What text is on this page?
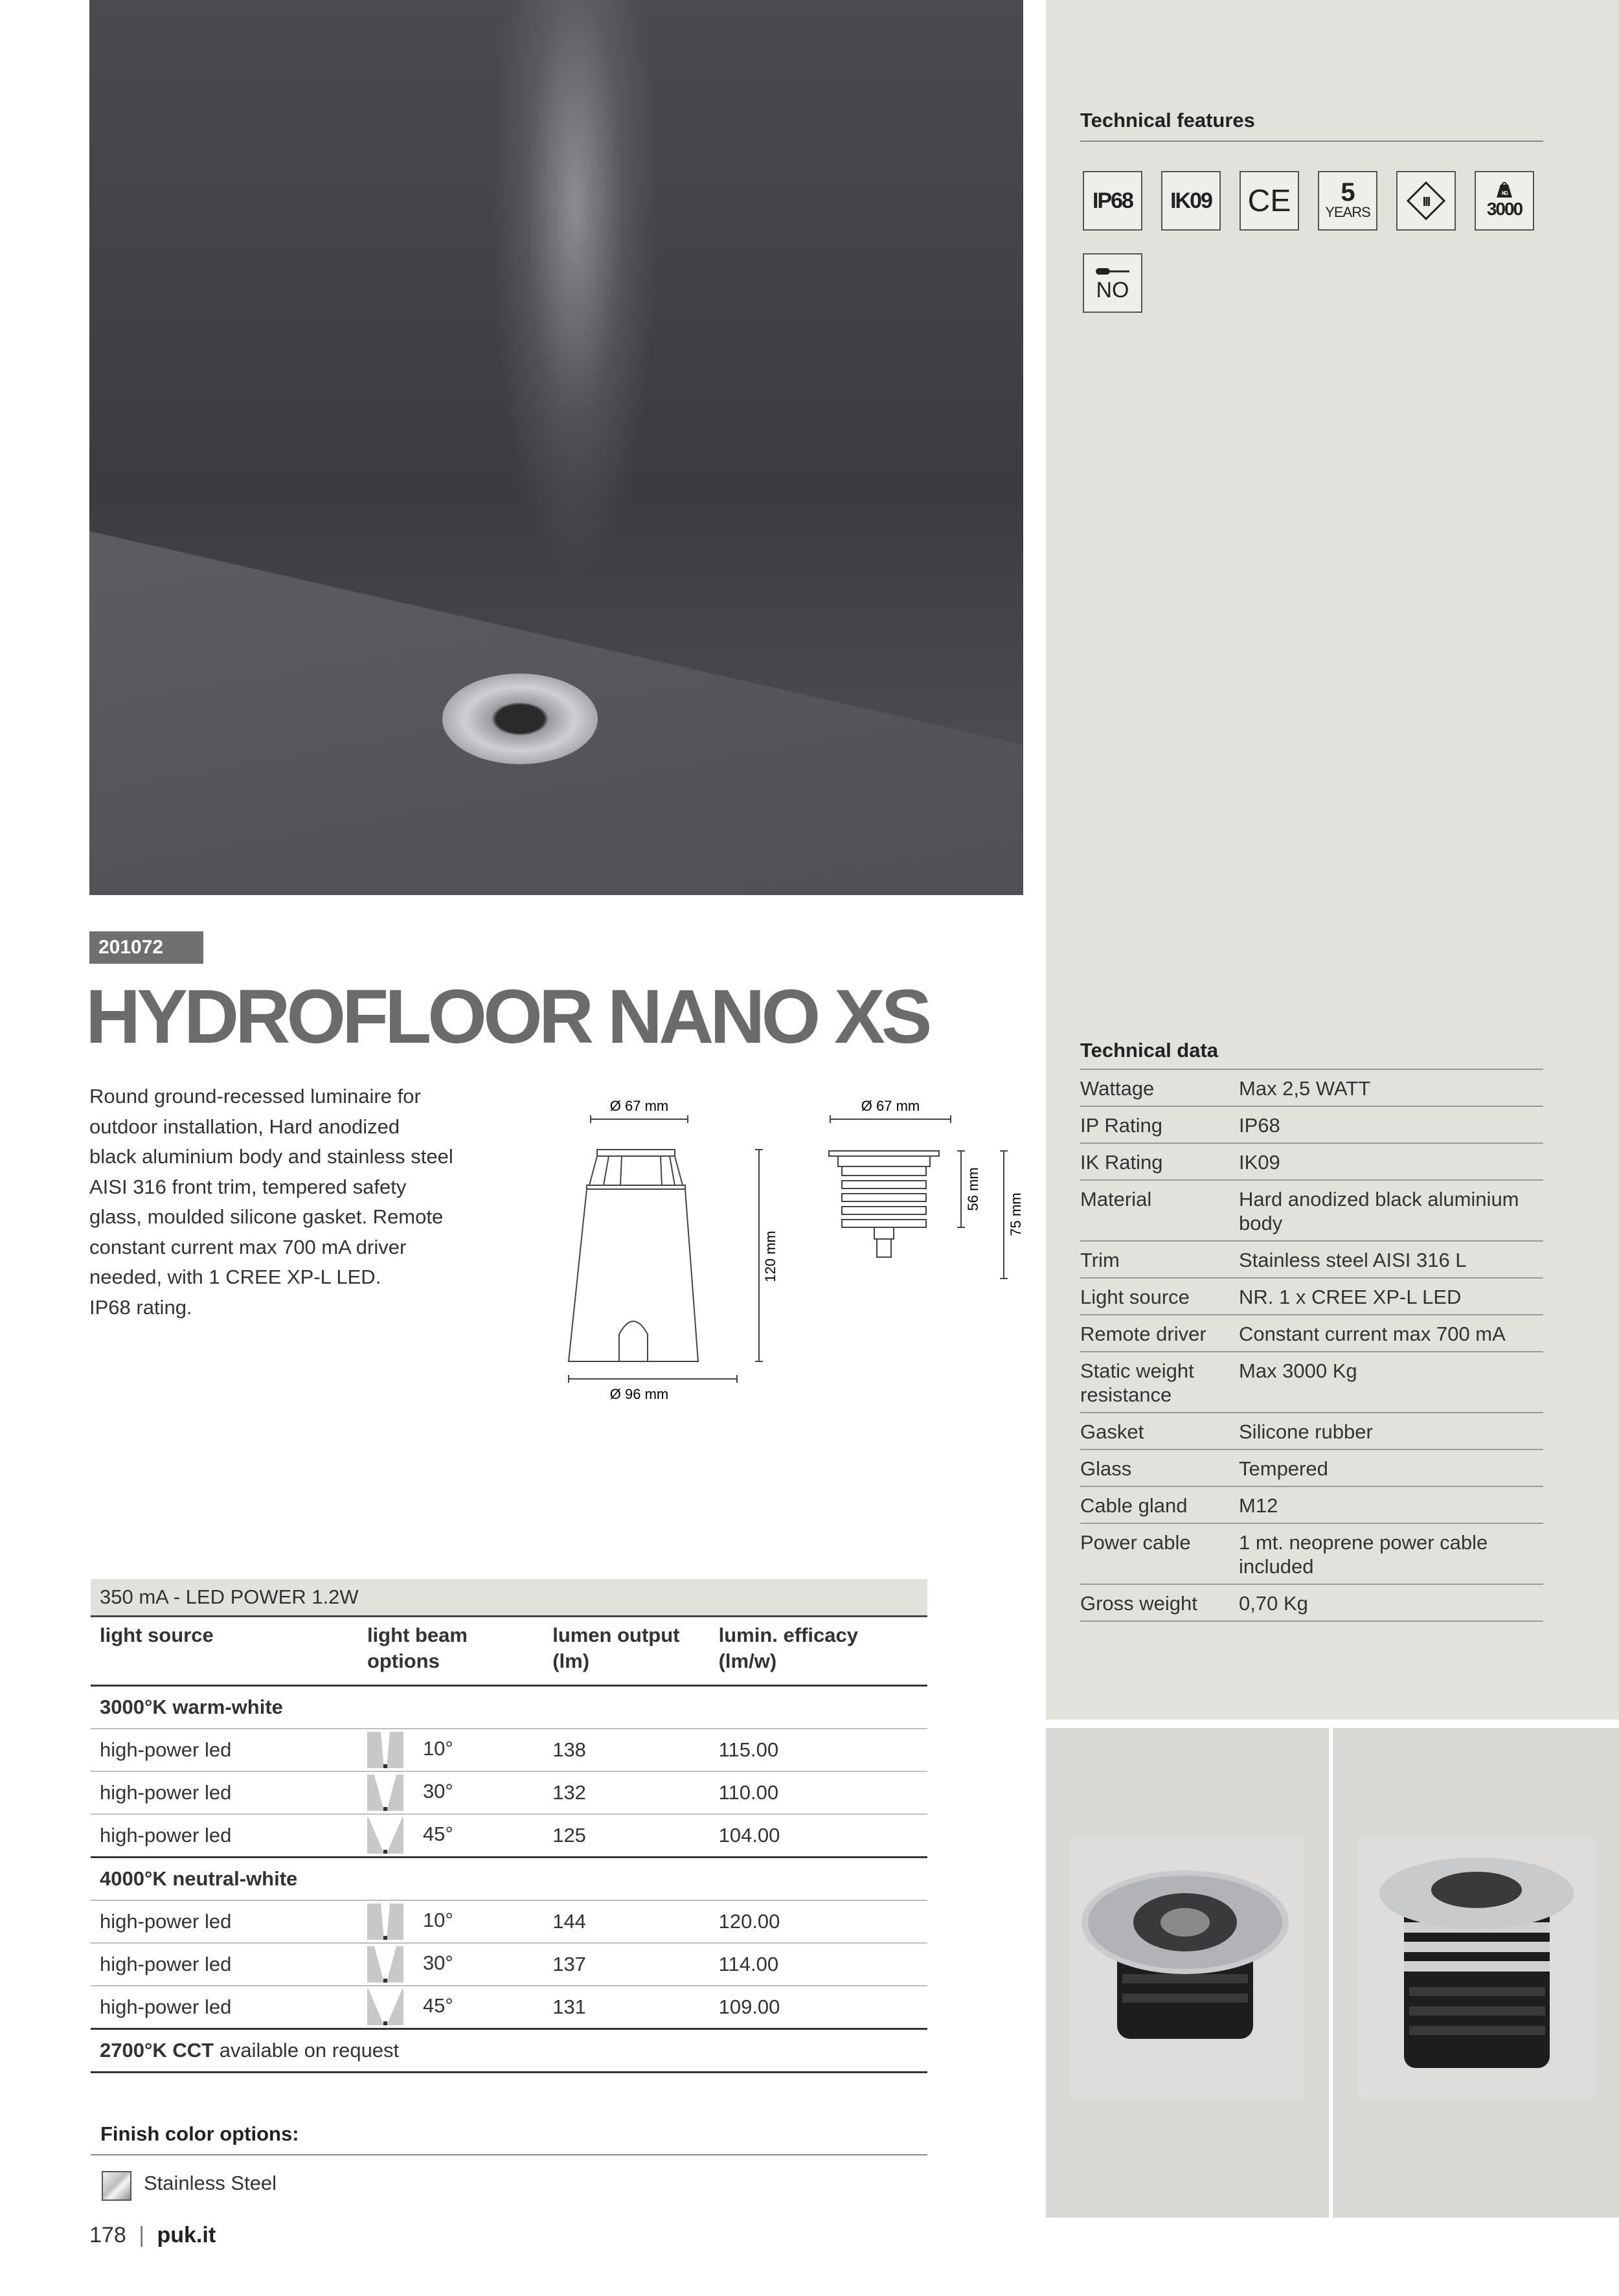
Technical features
IP68 IK09 CE 5
YEARS
III
KG
3000
NO
Technical data
Wattage	Max 2,5 WATT
IP Rating	IP68
IK Rating	IK09
Material	Hard anodized black aluminium body
Trim	Stainless steel AISI 316 L
Light source	NR. 1 x CREE XP-L LED
Remote driver	Constant current max 700 mA
Static weight resistance	Max 3000 Kg
Gasket	Silicone rubber
Glass	Tempered
Cable gland	M12
Power cable	1 mt. neoprene power cable included
Gross weight	0,70 Kg
201072
HYDROFLOOR NANO XS
Round ground-recessed luminaire for
outdoor installation, Hard anodized
black aluminium body and stainless steel
AISI 316 front trim, tempered safety
glass, moulded silicone gasket. Remote
constant current max 700 mA driver
needed, with 1 CREE XP-L LED.
IP68 rating.
Ø 67 mm	Ø 67 mm
Ø 96 mm
120 mm
56 mm
75 mm
350 mA - LED POWER 1.2W			
light source	light beam options	lumen output (lm)	lumin. efficacy (lm/w)
3000°K warm-white			
high-power led	10°	138	115.00
high-power led	30°	132	110.00
high-power led	45°	125	104.00
4000°K neutral-white			
high-power led	10°	144	120.00
high-power led	30°	137	114.00
high-power led	45°	131	109.00
2700°K CCT available on request			
Finish color options:
Stainless Steel
178 | puk.it
